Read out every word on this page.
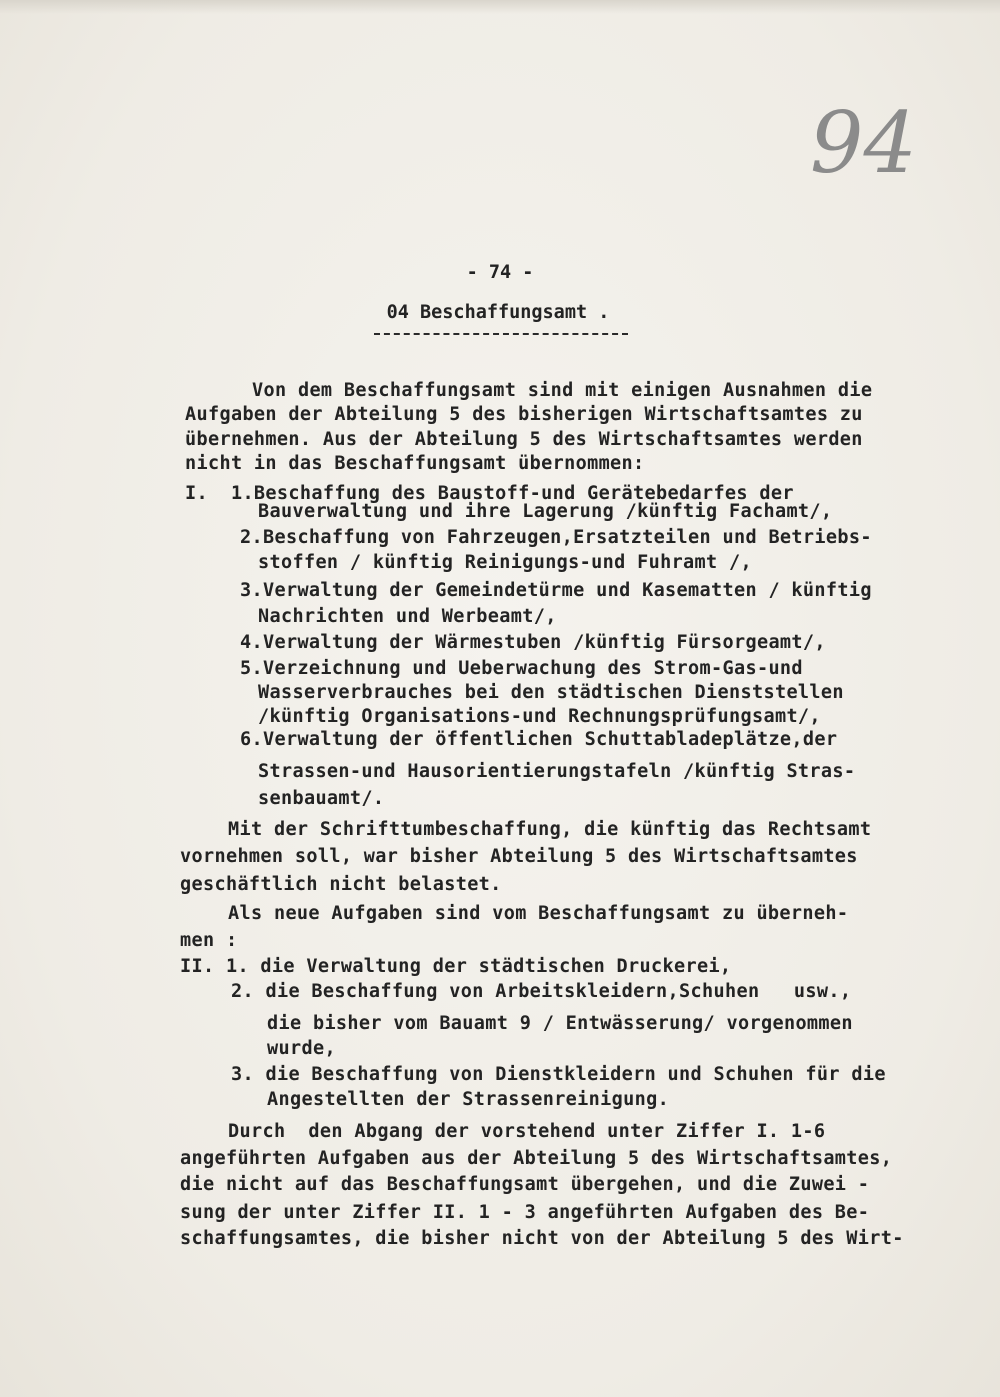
94
- 74 -
04 Beschaffungsamt .
Von dem Beschaffungsamt sind mit einigen Ausnahmen die
Aufgaben der Abteilung 5 des bisherigen Wirtschaftsamtes zu
übernehmen. Aus der Abteilung 5 des Wirtschaftsamtes werden
nicht in das Beschaffungsamt übernommen:
I.  1.Beschaffung des Baustoff-und Gerätebedarfes der
Bauverwaltung und ihre Lagerung /künftig Fachamt/,
2.Beschaffung von Fahrzeugen,Ersatzteilen und Betriebs-
stoffen / künftig Reinigungs-und Fuhramt /,
3.Verwaltung der Gemeindetürme und Kasematten / künftig
Nachrichten und Werbeamt/,
4.Verwaltung der Wärmestuben /künftig Fürsorgeamt/,
5.Verzeichnung und Ueberwachung des Strom-Gas-und
Wasserverbrauches bei den städtischen Dienststellen
/künftig Organisations-und Rechnungsprüfungsamt/,
6.Verwaltung der öffentlichen Schuttabladeplätze,der
Strassen-und Hausorientierungstafeln /künftig Stras-
senbauamt/.
Mit der Schrifttumbeschaffung, die künftig das Rechtsamt
vornehmen soll, war bisher Abteilung 5 des Wirtschaftsamtes
geschäftlich nicht belastet.
Als neue Aufgaben sind vom Beschaffungsamt zu überneh-
men :
II. 1. die Verwaltung der städtischen Druckerei,
2. die Beschaffung von Arbeitskleidern,Schuhen   usw.,
die bisher vom Bauamt 9 / Entwässerung/ vorgenommen
wurde,
3. die Beschaffung von Dienstkleidern und Schuhen für die
Angestellten der Strassenreinigung.
Durch  den Abgang der vorstehend unter Ziffer I. 1-6
angeführten Aufgaben aus der Abteilung 5 des Wirtschaftsamtes,
die nicht auf das Beschaffungsamt übergehen, und die Zuwei -
sung der unter Ziffer II. 1 - 3 angeführten Aufgaben des Be-
schaffungsamtes, die bisher nicht von der Abteilung 5 des Wirt-
